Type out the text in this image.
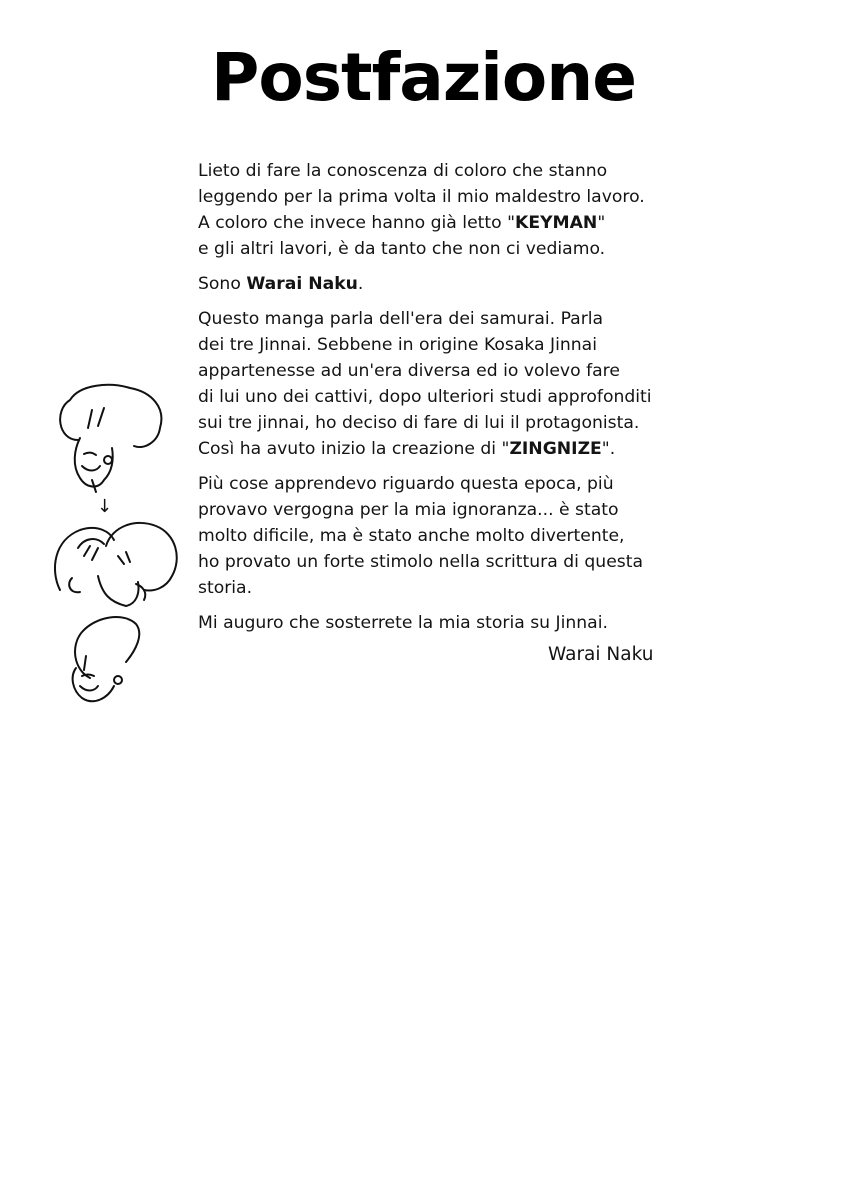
Postfazione

Lieto di fare la conoscenza di coloro che stanno
leggendo per la prima volta il mio maldestro lavoro.
A coloro che invece hanno già letto "KEYMAN"
e gli altri lavori, è da tanto che non ci vediamo.

Sono Warai Naku.

Questo manga parla dell'era dei samurai. Parla
dei tre Jinnai. Sebbene in origine Kosaka Jinnai
appartenesse ad un'era diversa ed io volevo fare
di lui uno dei cattivi, dopo ulteriori studi approfonditi
sui tre jinnai, ho deciso di fare di lui il protagonista.
Così ha avuto inizio la creazione di "ZINGNIZE".

Più cose apprendevo riguardo questa epoca, più
provavo vergogna per la mia ignoranza... è stato
molto dificile, ma è stato anche molto divertente,
ho provato un forte stimolo nella scrittura di questa
storia.

Mi auguro che sosterrete la mia storia su Jinnai.

Warai Naku
↓
